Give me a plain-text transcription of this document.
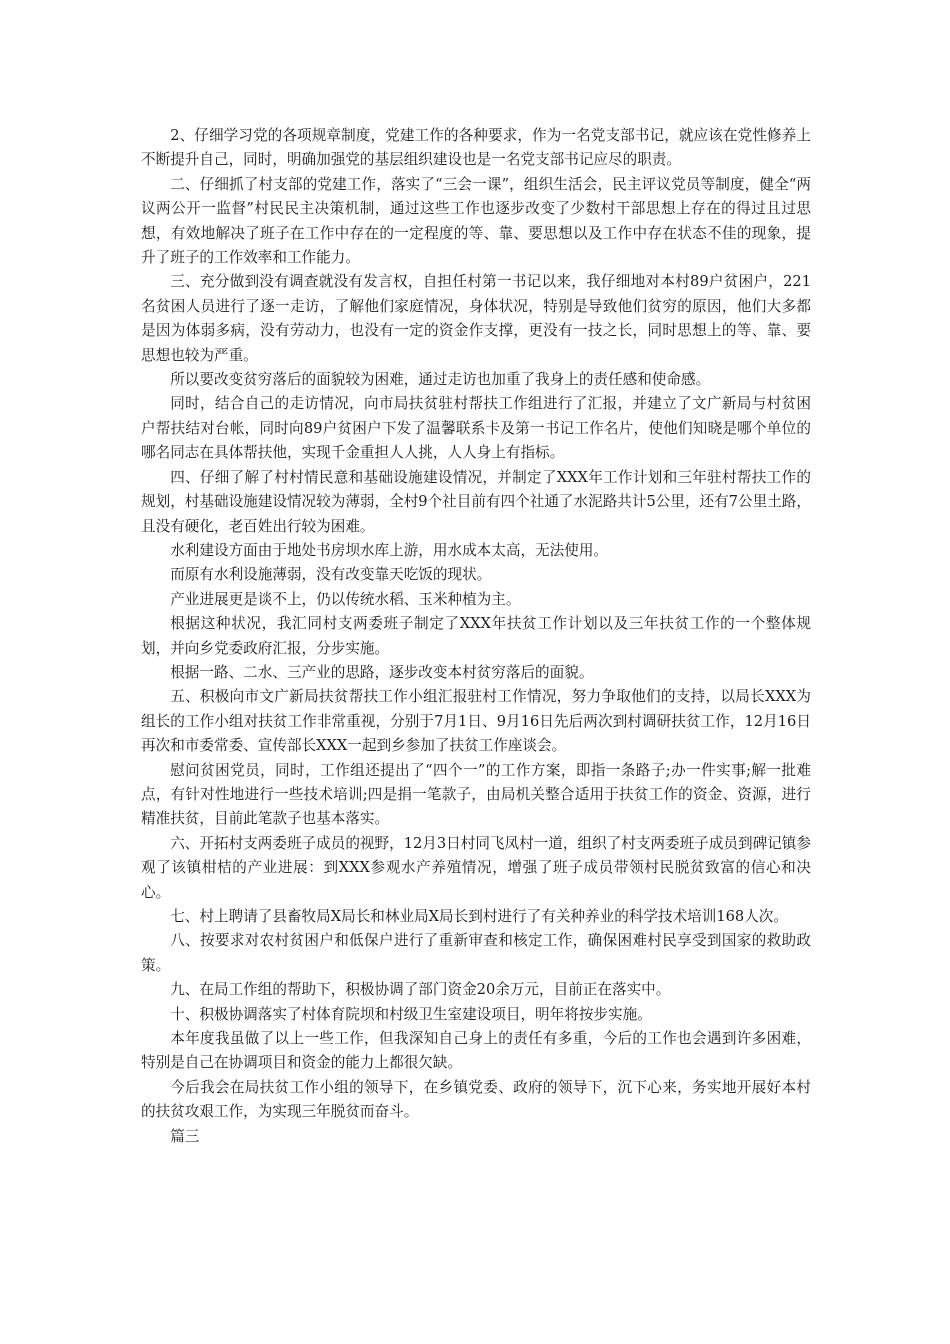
2、仔细学习党的各项规章制度，党建工作的各种要求，作为一名党支部书记，就应该在党性修养上不断提升自己，同时，明确加强党的基层组织建设也是一名党支部书记应尽的职责。

二、仔细抓了村支部的党建工作，落实了“三会一课”，组织生活会，民主评议党员等制度，健全“两议两公开一监督”村民民主决策机制，通过这些工作也逐步改变了少数村干部思想上存在的得过且过思想，有效地解决了班子在工作中存在的一定程度的等、靠、要思想以及工作中存在状态不佳的现象，提升了班子的工作效率和工作能力。

三、充分做到没有调查就没有发言权，自担任村第一书记以来，我仔细地对本村89户贫困户，221名贫困人员进行了逐一走访，了解他们家庭情况，身体状况，特别是导致他们贫穷的原因，他们大多都是因为体弱多病，没有劳动力，也没有一定的资金作支撑，更没有一技之长，同时思想上的等、靠、要思想也较为严重。

所以要改变贫穷落后的面貌较为困难，通过走访也加重了我身上的责任感和使命感。

同时，结合自己的走访情况，向市局扶贫驻村帮扶工作组进行了汇报，并建立了文广新局与村贫困户帮扶结对台帐，同时向89户贫困户下发了温馨联系卡及第一书记工作名片，使他们知晓是哪个单位的哪名同志在具体帮扶他，实现千金重担人人挑，人人身上有指标。

四、仔细了解了村村情民意和基础设施建设情况，并制定了XXX年工作计划和三年驻村帮扶工作的规划，村基础设施建设情况较为薄弱，全村9个社目前有四个社通了水泥路共计5公里，还有7公里土路，且没有硬化，老百姓出行较为困难。

水利建设方面由于地处书房坝水库上游，用水成本太高，无法使用。

而原有水利设施薄弱，没有改变靠天吃饭的现状。

产业进展更是谈不上，仍以传统水稻、玉米种植为主。

根据这种状况，我汇同村支两委班子制定了XXX年扶贫工作计划以及三年扶贫工作的一个整体规划，并向乡党委政府汇报，分步实施。

根据一路、二水、三产业的思路，逐步改变本村贫穷落后的面貌。

五、积极向市文广新局扶贫帮扶工作小组汇报驻村工作情况，努力争取他们的支持，以局长XXX为组长的工作小组对扶贫工作非常重视，分别于7月1日、9月16日先后两次到村调研扶贫工作，12月16日再次和市委常委、宣传部长XXX一起到乡参加了扶贫工作座谈会。

慰问贫困党员，同时，工作组还提出了“四个一”的工作方案，即指一条路子;办一件实事;解一批难点，有针对性地进行一些技术培训;四是捐一笔款子，由局机关整合适用于扶贫工作的资金、资源，进行精准扶贫，目前此笔款子也基本落实。

六、开拓村支两委班子成员的视野，12月3日村同飞凤村一道，组织了村支两委班子成员到碑记镇参观了该镇柑桔的产业进展：到XXX参观水产养殖情况，增强了班子成员带领村民脱贫致富的信心和决心。

七、村上聘请了县畜牧局X局长和林业局X局长到村进行了有关种养业的科学技术培训168人次。

八、按要求对农村贫困户和低保户进行了重新审查和核定工作，确保困难村民享受到国家的救助政策。

九、在局工作组的帮助下，积极协调了部门资金20余万元，目前正在落实中。

十、积极协调落实了村体育院坝和村级卫生室建设项目，明年将按步实施。

本年度我虽做了以上一些工作，但我深知自己身上的责任有多重，今后的工作也会遇到许多困难，特别是自己在协调项目和资金的能力上都很欠缺。

今后我会在局扶贫工作小组的领导下，在乡镇党委、政府的领导下，沉下心来，务实地开展好本村的扶贫攻艰工作，为实现三年脱贫而奋斗。

篇三
